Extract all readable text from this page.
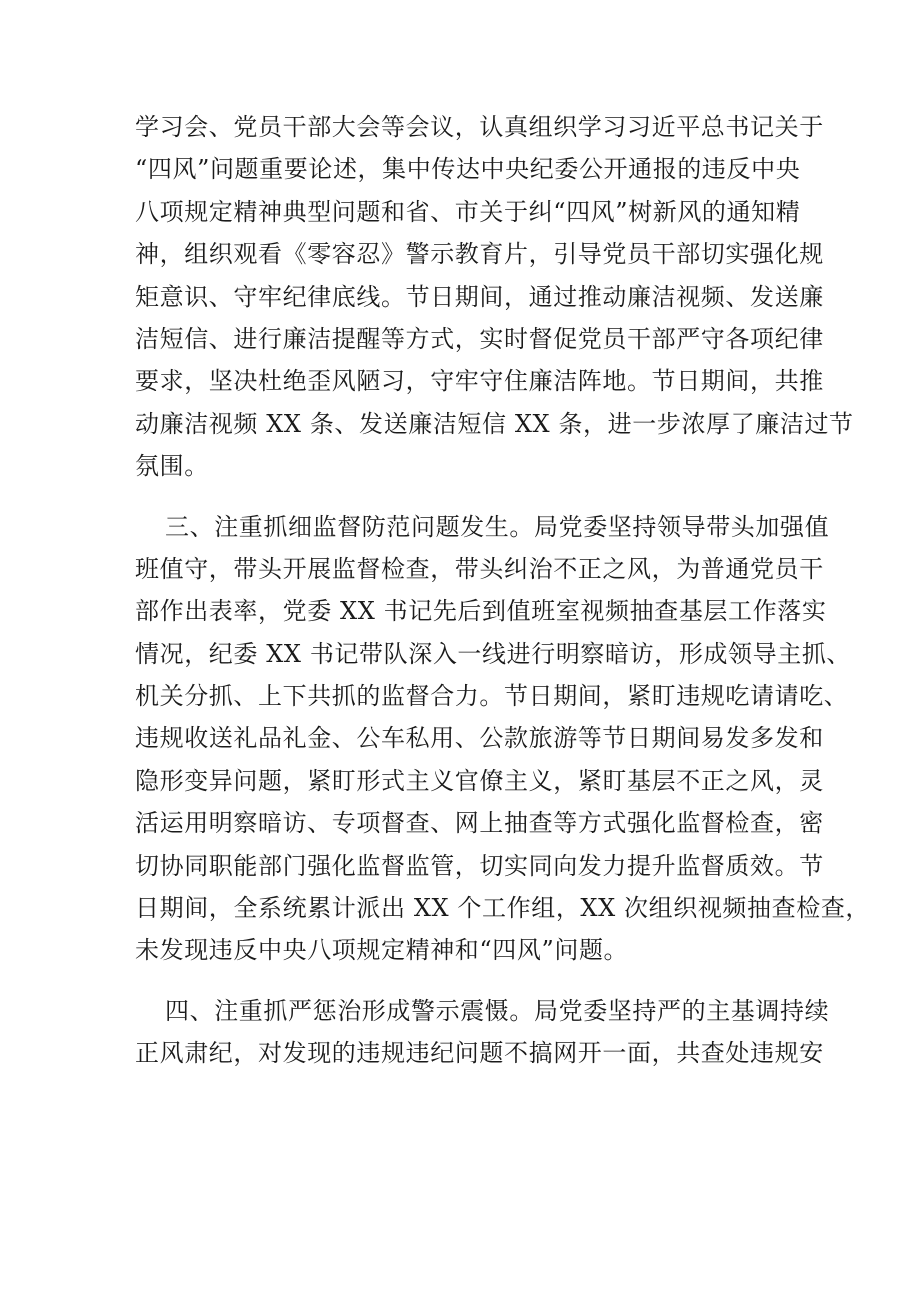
学习会、党员干部大会等会议，认真组织学习习近平总书记关于
“四风”问题重要论述，集中传达中央纪委公开通报的违反中央
八项规定精神典型问题和省、市关于纠“四风”树新风的通知精
神，组织观看《零容忍》警示教育片，引导党员干部切实强化规
矩意识、守牢纪律底线。节日期间，通过推动廉洁视频、发送廉
洁短信、进行廉洁提醒等方式，实时督促党员干部严守各项纪律
要求，坚决杜绝歪风陋习，守牢守住廉洁阵地。节日期间，共推
动廉洁视频 XX 条、发送廉洁短信 XX 条，进一步浓厚了廉洁过节
氛围。
三、注重抓细监督防范问题发生。局党委坚持领导带头加强值
班值守，带头开展监督检查，带头纠治不正之风，为普通党员干
部作出表率，党委 XX 书记先后到值班室视频抽查基层工作落实
情况，纪委 XX 书记带队深入一线进行明察暗访，形成领导主抓、
机关分抓、上下共抓的监督合力。节日期间，紧盯违规吃请请吃、
违规收送礼品礼金、公车私用、公款旅游等节日期间易发多发和
隐形变异问题，紧盯形式主义官僚主义，紧盯基层不正之风，灵
活运用明察暗访、专项督查、网上抽查等方式强化监督检查，密
切协同职能部门强化监督监管，切实同向发力提升监督质效。节
日期间，全系统累计派出 XX 个工作组，XX 次组织视频抽查检查，
未发现违反中央八项规定精神和“四风”问题。
四、注重抓严惩治形成警示震慑。局党委坚持严的主基调持续
正风肃纪，对发现的违规违纪问题不搞网开一面，共查处违规安
